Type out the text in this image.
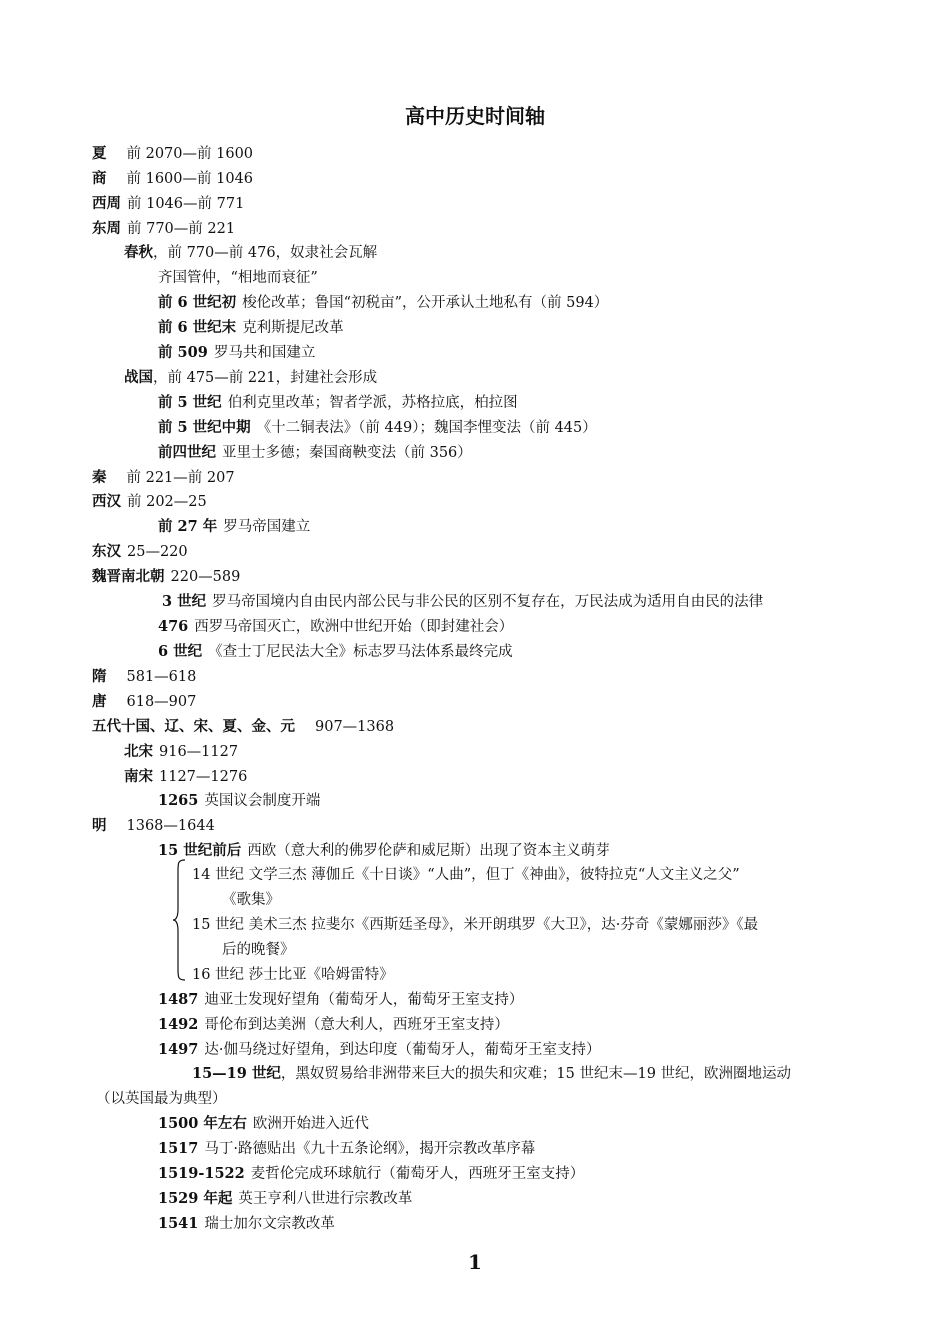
高中历史时间轴
夏 前 2070—前 1600
商 前 1600—前 1046
西周 前 1046—前 771
东周 前 770—前 221
春秋，前 770—前 476，奴隶社会瓦解
齐国管仲，“相地而衰征”
前 6 世纪初 梭伦改革；鲁国“初税亩”，公开承认土地私有（前 594）
前 6 世纪末 克利斯提尼改革
前 509 罗马共和国建立
战国，前 475—前 221，封建社会形成
前 5 世纪 伯利克里改革；智者学派，苏格拉底，柏拉图
前 5 世纪中期 《十二铜表法》（前 449）；魏国李悝变法（前 445）
前四世纪 亚里士多德；秦国商鞅变法（前 356）
秦 前 221—前 207
西汉 前 202—25
前 27 年 罗马帝国建立
东汉 25—220
魏晋南北朝 220—589
3 世纪 罗马帝国境内自由民内部公民与非公民的区别不复存在，万民法成为适用自由民的法律
476 西罗马帝国灭亡，欧洲中世纪开始（即封建社会）
6 世纪 《查士丁尼民法大全》标志罗马法体系最终完成
隋 581—618
唐 618—907
五代十国、辽、宋、夏、金、元 907—1368
北宋 916—1127
南宋 1127—1276
1265 英国议会制度开端
明 1368—1644
15 世纪前后 西欧（意大利的佛罗伦萨和威尼斯）出现了资本主义萌芽
14 世纪 文学三杰 薄伽丘《十日谈》“人曲”，但丁《神曲》，彼特拉克“人文主义之父”
《歌集》
15 世纪 美术三杰 拉斐尔《西斯廷圣母》，米开朗琪罗《大卫》，达·芬奇《蒙娜丽莎》《最
后的晚餐》
16 世纪 莎士比亚《哈姆雷特》
1487 迪亚士发现好望角（葡萄牙人，葡萄牙王室支持）
1492 哥伦布到达美洲（意大利人，西班牙王室支持）
1497 达·伽马绕过好望角，到达印度（葡萄牙人，葡萄牙王室支持）
15—19 世纪，黑奴贸易给非洲带来巨大的损失和灾难；15 世纪末—19 世纪，欧洲圈地运动
（以英国最为典型）
1500 年左右 欧洲开始进入近代
1517 马丁·路德贴出《九十五条论纲》，揭开宗教改革序幕
1519-1522 麦哲伦完成环球航行（葡萄牙人，西班牙王室支持）
1529 年起 英王亨利八世进行宗教改革
1541 瑞士加尔文宗教改革
1
